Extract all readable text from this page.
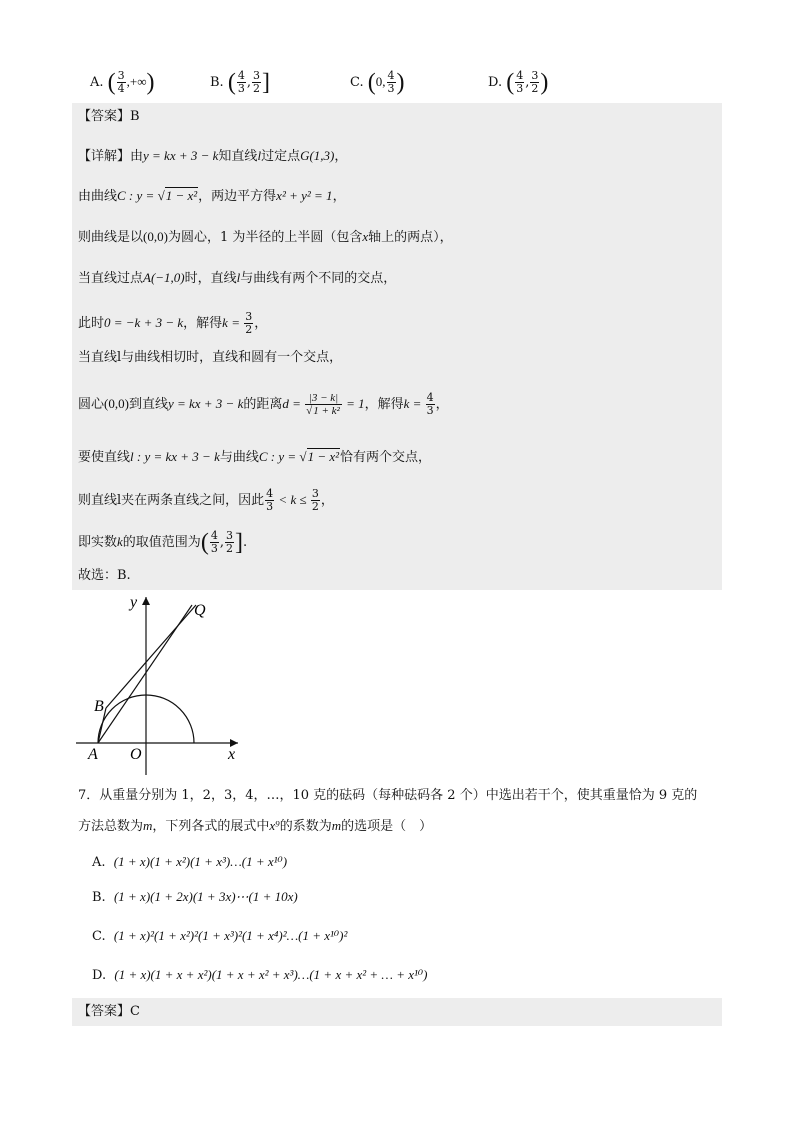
A. ( $\frac{3}{4}$ ,+∞)	B. ( $\frac{4}{3}$ , $\frac{3}{2}$ ]	C. (0, $\frac{4}{3}$ )	D. ( $\frac{4}{3}$ , $\frac{3}{2}$ )
【答案】B
【详解】由y = kx + 3 − k知直线l过定点G(1,3)，
由曲线C : y = √1 − x²，两边平方得x² + y² = 1，
则曲线是以(0,0)为圆心，1 为半径的上半圆（包含x轴上的两点），
当直线过点A(−1,0)时，直线l与曲线有两个不同的交点，
此时0 = −k + 3 − k，解得$k = \frac{3}{2}$ ，
当直线l与曲线相切时，直线和圆有一个交点，
圆心(0,0)到直线y = kx + 3 − k的距离$d = \frac{|3 - k|}{\text{√1 + k²}} = 1$，解得$k = \frac{4}{3}$ ，
要使直线l : y = kx + 3 − k与曲线C : y = √1 − x²恰有两个交点，
则直线l夹在两条直线之间，因此 $\frac{4}{3} < k \le \frac{3}{2}$ ，
即实数k的取值范围为( $\frac{4}{3}$ , $\frac{3}{2}$ ].
故选：B.
y
x
O
A
B
Q
7．从重量分别为 1，2，3，4，…，10 克的砝码（每种砝码各 2 个）中选出若干个，使其重量恰为 9 克的
方法总数为m，下列各式的展式中x⁹的系数为m的选项是（　）
A. (1 + x)(1 + x²)(1 + x³)…(1 + x¹⁰)
B. (1 + x)(1 + 2x)(1 + 3x)⋯(1 + 10x)
C. (1 + x)²(1 + x²)²(1 + x³)²(1 + x⁴)²…(1 + x¹⁰)²
D. (1 + x)(1 + x + x²)(1 + x + x² + x³)…(1 + x + x² + … + x¹⁰)
【答案】C
